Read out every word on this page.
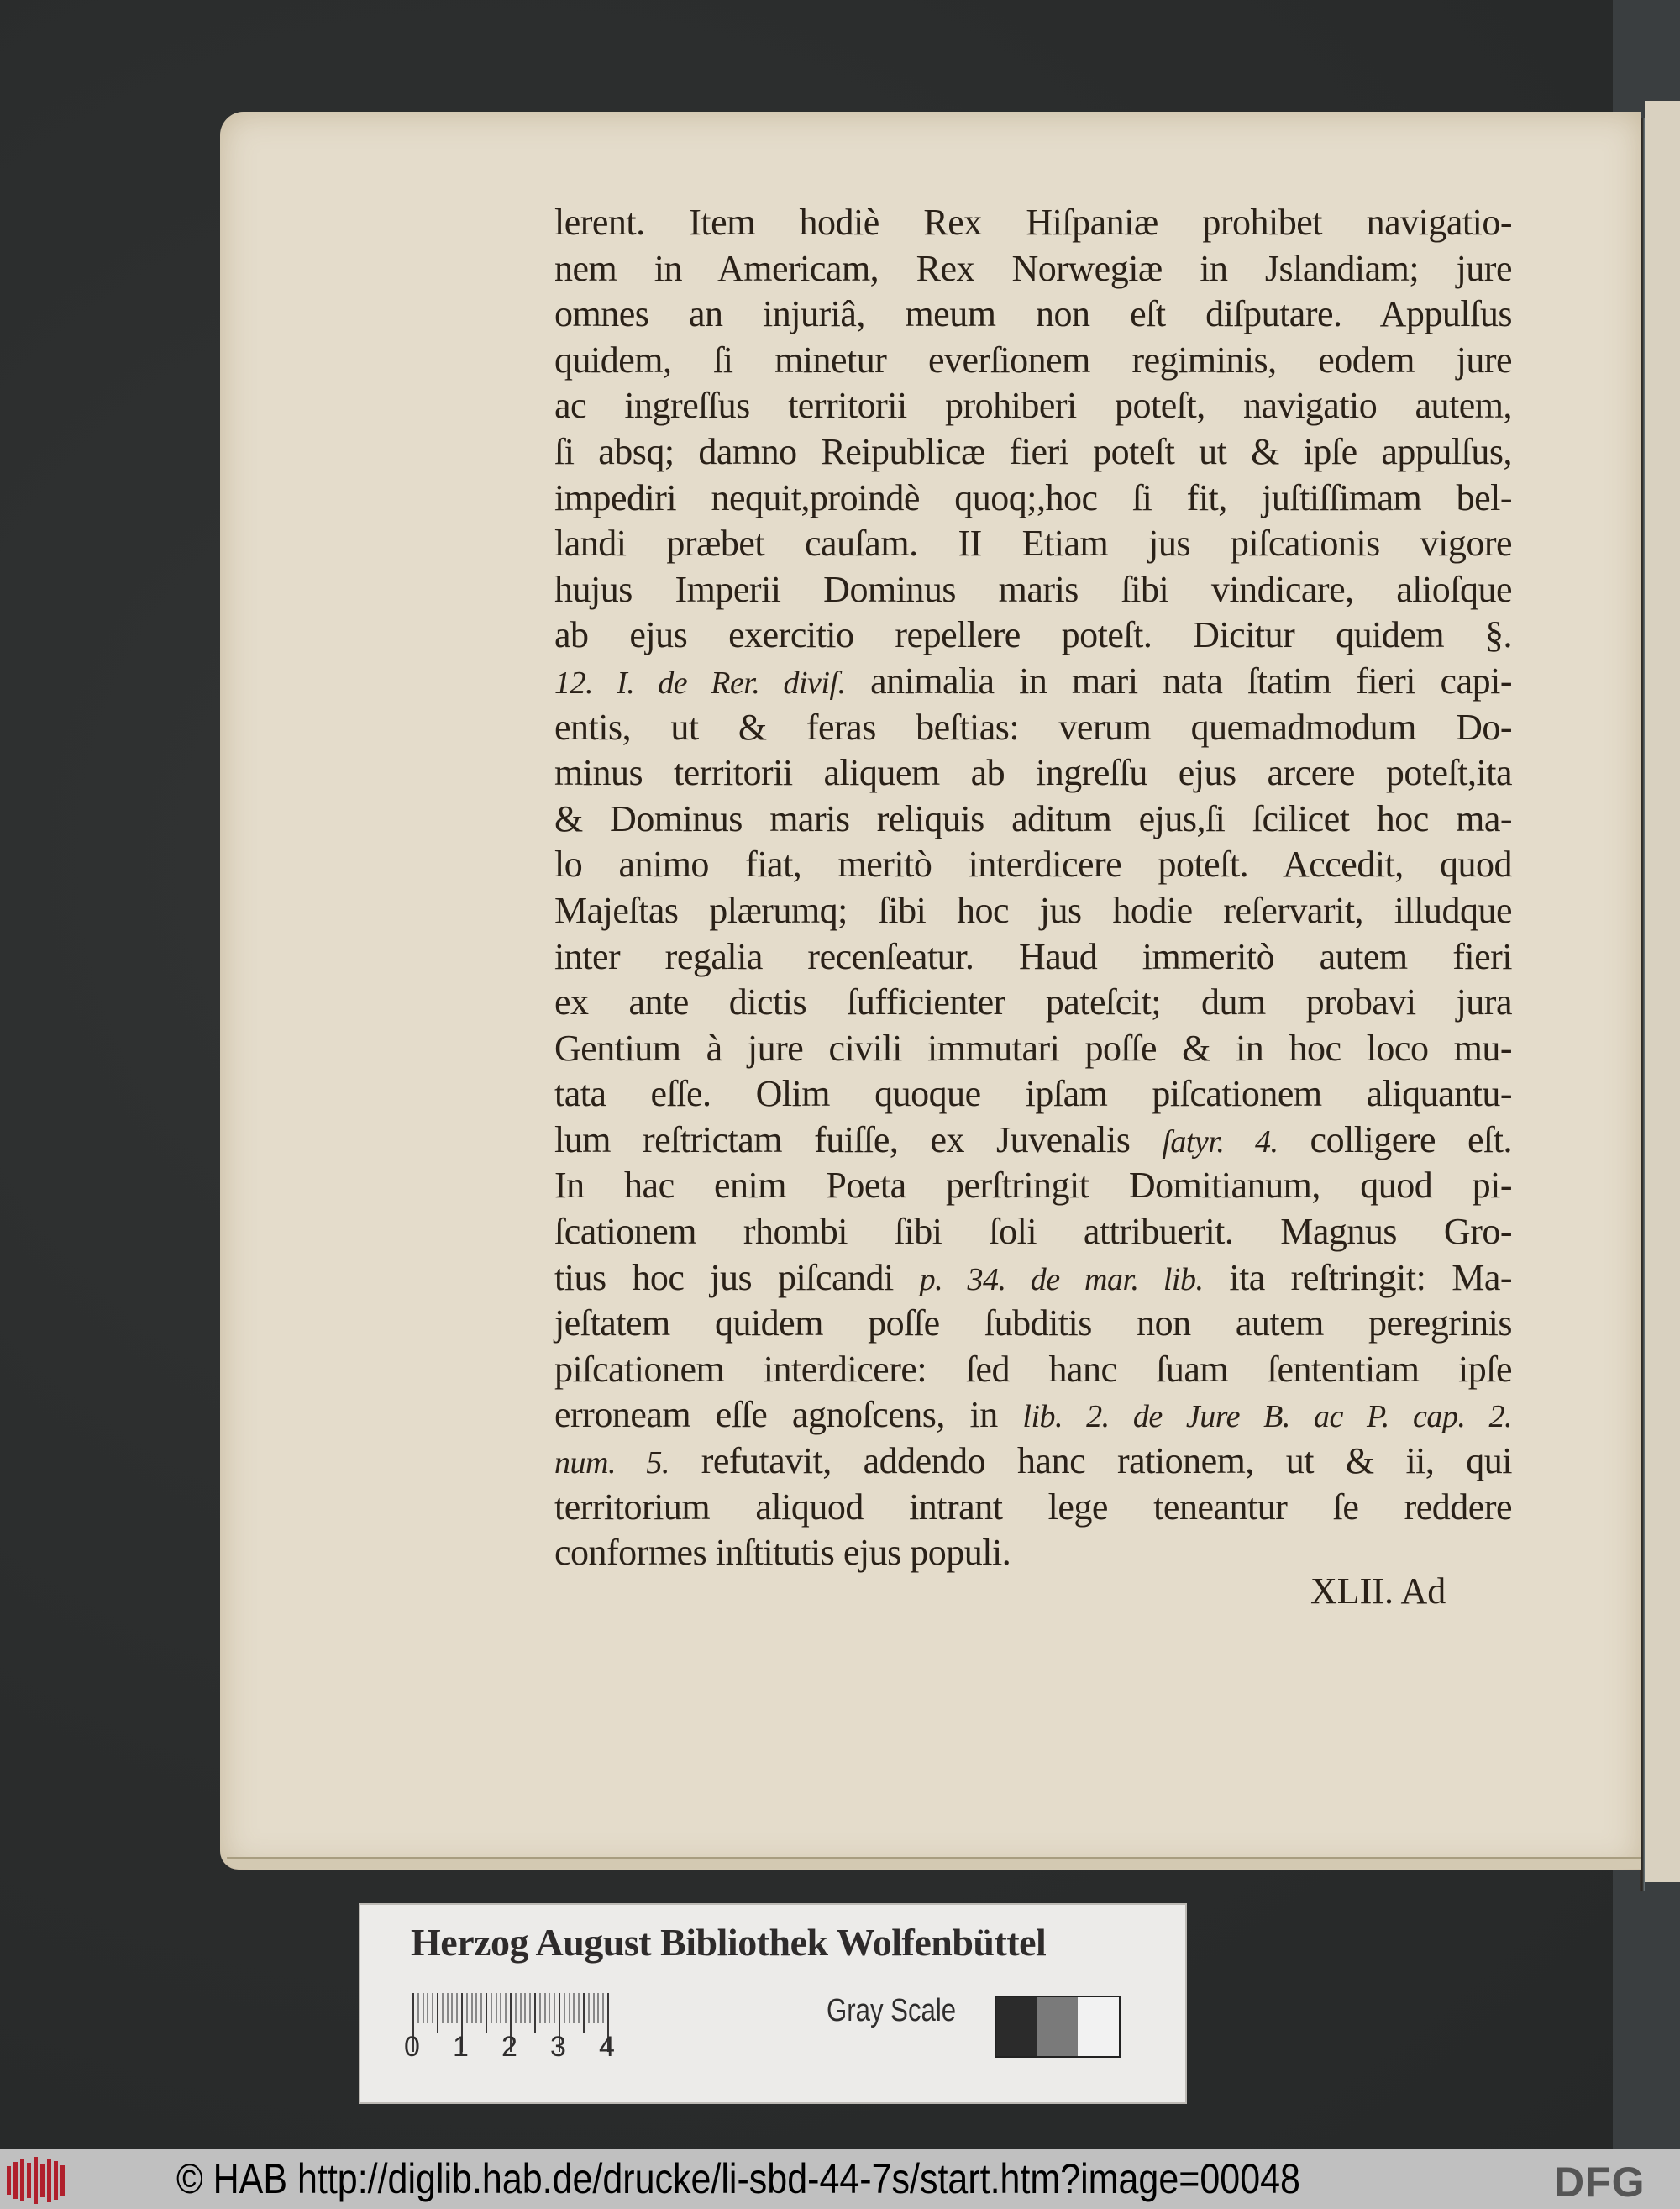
lerent. Item hodiè Rex Hiſpaniæ prohibet navigatio-
nem in Americam, Rex Norwegiæ in Jslandiam; jure
omnes an injuriâ, meum non eſt diſputare. Appulſus
quidem, ſi minetur everſionem regiminis, eodem jure
ac ingreſſus territorii prohiberi poteſt, navigatio autem,
ſi absq; damno Reipublicæ fieri poteſt ut & ipſe appulſus,
impediri nequit,proindè quoq;,hoc ſi fit, juſtiſſimam bel-
landi præbet cauſam. II Etiam jus piſcationis vigore
hujus Imperii Dominus maris ſibi vindicare, alioſque
ab ejus exercitio repellere poteſt. Dicitur quidem §.
12. I. de Rer. diviſ. animalia in mari nata ſtatim fieri capi-
entis, ut & feras beſtias: verum quemadmodum Do-
minus territorii aliquem ab ingreſſu ejus arcere poteſt,ita
& Dominus maris reliquis aditum ejus,ſi ſcilicet hoc ma-
lo animo fiat, meritò interdicere poteſt. Accedit, quod
Majeſtas plærumq; ſibi hoc jus hodie reſervarit, illudque
inter regalia recenſeatur. Haud immeritò autem fieri
ex ante dictis ſufficienter pateſcit; dum probavi jura
Gentium à jure civili immutari poſſe & in hoc loco mu-
tata eſſe. Olim quoque ipſam piſcationem aliquantu-
lum reſtrictam fuiſſe, ex Juvenalis ſatyr. 4. colligere eſt.
In hac enim Poeta perſtringit Domitianum, quod pi-
ſcationem rhombi ſibi ſoli attribuerit. Magnus Gro-
tius hoc jus piſcandi p. 34. de mar. lib. ita reſtringit: Ma-
jeſtatem quidem poſſe ſubditis non autem peregrinis
piſcationem interdicere: ſed hanc ſuam ſententiam ipſe
erroneam eſſe agnoſcens, in lib. 2. de Jure B. ac P. cap. 2.
num. 5. refutavit, addendo hanc rationem, ut & ii, qui
territorium aliquod intrant lege teneantur ſe reddere
conformes inſtitutis ejus populi.
XLII. Ad
Herzog August Bibliothek Wolfenbüttel
0 1 2 3 4
Gray Scale
© HAB http://diglib.hab.de/drucke/li-sbd-44-7s/start.htm?image=00048	DFG
